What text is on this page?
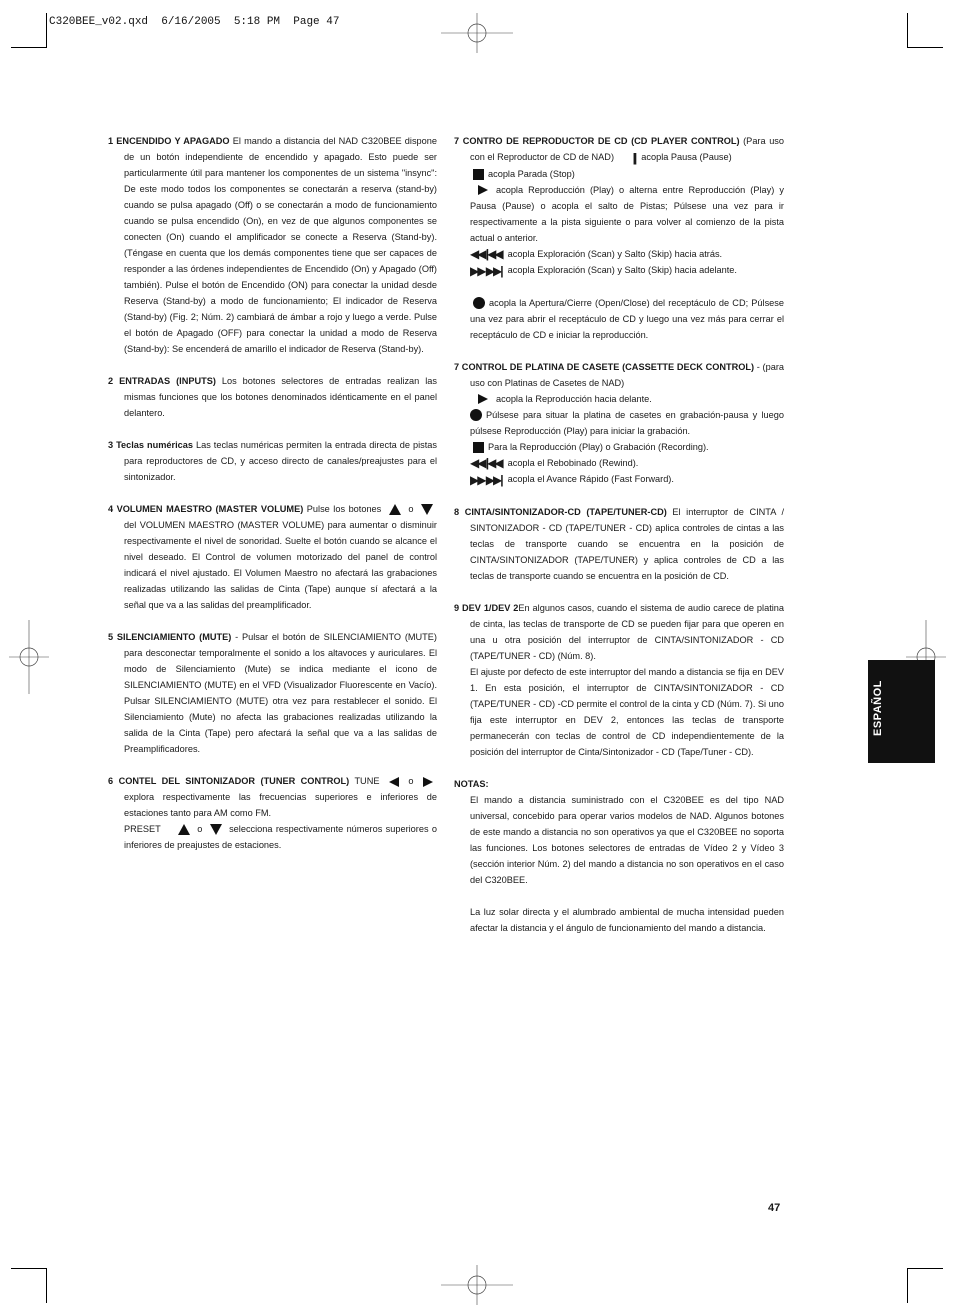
C320BEE_v02.qxd  6/16/2005  5:18 PM  Page 47

1 ENCENDIDO Y APAGADO El mando a distancia del NAD C320BEE dispone de un botón independiente de encendido y apagado. Esto puede ser particularmente útil para mantener los componentes de un sistema "insync": De este modo todos los componentes se conectarán a reserva (stand-by) cuando se pulsa apagado (Off) o se conectarán a modo de funcionamiento cuando se pulsa encendido (On), en vez de que algunos componentes se conecten (On) cuando el amplificador se conecte a Reserva (Stand-by). (Téngase en cuenta que los demás componentes tiene que ser capaces de responder a las órdenes independientes de Encendido (On) y Apagado (Off) también). Pulse el botón de Encendido (ON) para conectar la unidad desde Reserva (Stand-by) a modo de funcionamiento; El indicador de Reserva (Stand-by) (Fig. 2; Núm. 2) cambiará de ámbar a rojo y luego a verde. Pulse el botón de Apagado (OFF) para conectar la unidad a modo de Reserva (Stand-by): Se encenderá de amarillo el indicador de Reserva (Stand-by).

2 ENTRADAS (INPUTS) Los botones selectores de entradas realizan las mismas funciones que los botones denominados idénticamente en el panel delantero.

3 Teclas numéricas Las teclas numéricas permiten la entrada directa de pistas para reproductores de CD, y acceso directo de canales/preajustes para el sintonizador.

4 VOLUMEN MAESTRO (MASTER VOLUME) Pulse los botones	o  del VOLUMEN MAESTRO (MASTER VOLUME) para aumentar o disminuir respectivamente el nivel de sonoridad. Suelte el botón cuando se alcance el nivel deseado. El Control de volumen motorizado del panel de control indicará el nivel ajustado. El Volumen Maestro no afectará las grabaciones realizadas utilizando las salidas de Cinta (Tape) aunque sí afectará a la señal que va a las salidas del preamplificador.

5 SILENCIAMIENTO (MUTE) - Pulsar el botón de SILENCIAMIENTO (MUTE) para desconectar temporalmente el sonido a los altavoces y auriculares. El modo de Silenciamiento (Mute) se indica mediante el icono de SILENCIAMIENTO (MUTE) en el VFD (Visualizador Fluorescente en Vacío). Pulsar SILENCIAMIENTO (MUTE) otra vez para restablecer el sonido. El Silenciamiento (Mute) no afecta las grabaciones realizadas utilizando la salida de la Cinta (Tape) pero afectará la señal que va a las salidas de Preamplificadores.

6 CONTEL DEL SINTONIZADOR (TUNER CONTROL) TUNE	o  explora respectivamente las frecuencias superiores e inferiores de estaciones tanto para AM como FM.
PRESET	o	selecciona respectivamente números superiores o inferiores de preajustes de estaciones.

7 CONTRO DE REPRODUCTOR DE CD (CD PLAYER CONTROL) (Para uso con el Reproductor de CD de NAD) || acopla Pausa (Pause)
acopla Parada (Stop)
acopla Reproducción (Play) o alterna entre Reproducción (Play) y Pausa (Pause) o acopla el salto de Pistas; Púlsese una vez para ir respectivamente a la pista siguiente o para volver al comienzo de la pista actual o anterior.
◀◀ |◀◀ acopla Exploración (Scan) y Salto (Skip) hacia atrás.
▶▶ ▶▶| acopla Exploración (Scan) y Salto (Skip) hacia adelante.
acopla la Apertura/Cierre (Open/Close) del receptáculo de CD; Púlsese una vez para abrir el receptáculo de CD y luego una vez más para cerrar el receptáculo de CD e iniciar la reproducción.

7 CONTROL DE PLATINA DE CASETE (CASSETTE DECK CONTROL) - (para uso con Platinas de Casetes de NAD)
acopla la Reproducción hacia delante.
Púlsese para situar la platina de casetes en grabación-pausa y luego púlsese Reproducción (Play) para iniciar la grabación.
Para la Reproducción (Play) o Grabación (Recording).
◀◀ |◀◀ acopla el Rebobinado (Rewind).
▶▶ ▶▶| acopla el Avance Rápido (Fast Forward).

8 CINTA/SINTONIZADOR-CD (TAPE/TUNER-CD) El interruptor de CINTA / SINTONIZADOR - CD (TAPE/TUNER - CD) aplica controles de cintas a las teclas de transporte cuando se encuentra en la posición de CINTA/SINTONIZADOR (TAPE/TUNER) y aplica controles de CD a las teclas de transporte cuando se encuentra en la posición de CD.

9 DEV 1/DEV 2En algunos casos, cuando el sistema de audio carece de platina de cinta, las teclas de transporte de CD se pueden fijar para que operen en una u otra posición del interruptor de CINTA/SINTONIZADOR - CD (TAPE/TUNER - CD) (Núm. 8).
El ajuste por defecto de este interruptor del mando a distancia se fija en DEV 1. En esta posición, el interruptor de CINTA/SINTONIZADOR - CD (TAPE/TUNER - CD) -CD permite el control de la cinta y CD (Núm. 7). Si uno fija este interruptor en DEV 2, entonces las teclas de transporte permanecerán con teclas de control de CD independientemente de la posición del interruptor de Cinta/Sintonizador - CD (Tape/Tuner - CD).

NOTAS:

El mando a distancia suministrado con el C320BEE es del tipo NAD universal, concebido para operar varios modelos de NAD. Algunos botones de este mando a distancia no son operativos ya que el C320BEE no soporta las funciones. Los botones selectores de entradas de Vídeo 2 y Vídeo 3 (sección interior Núm. 2) del mando a distancia no son operativos en el caso del C320BEE.

La luz solar directa y el alumbrado ambiental de mucha intensidad pueden afectar la distancia y el ángulo de funcionamiento del mando a distancia.

ESPAÑOL
47
